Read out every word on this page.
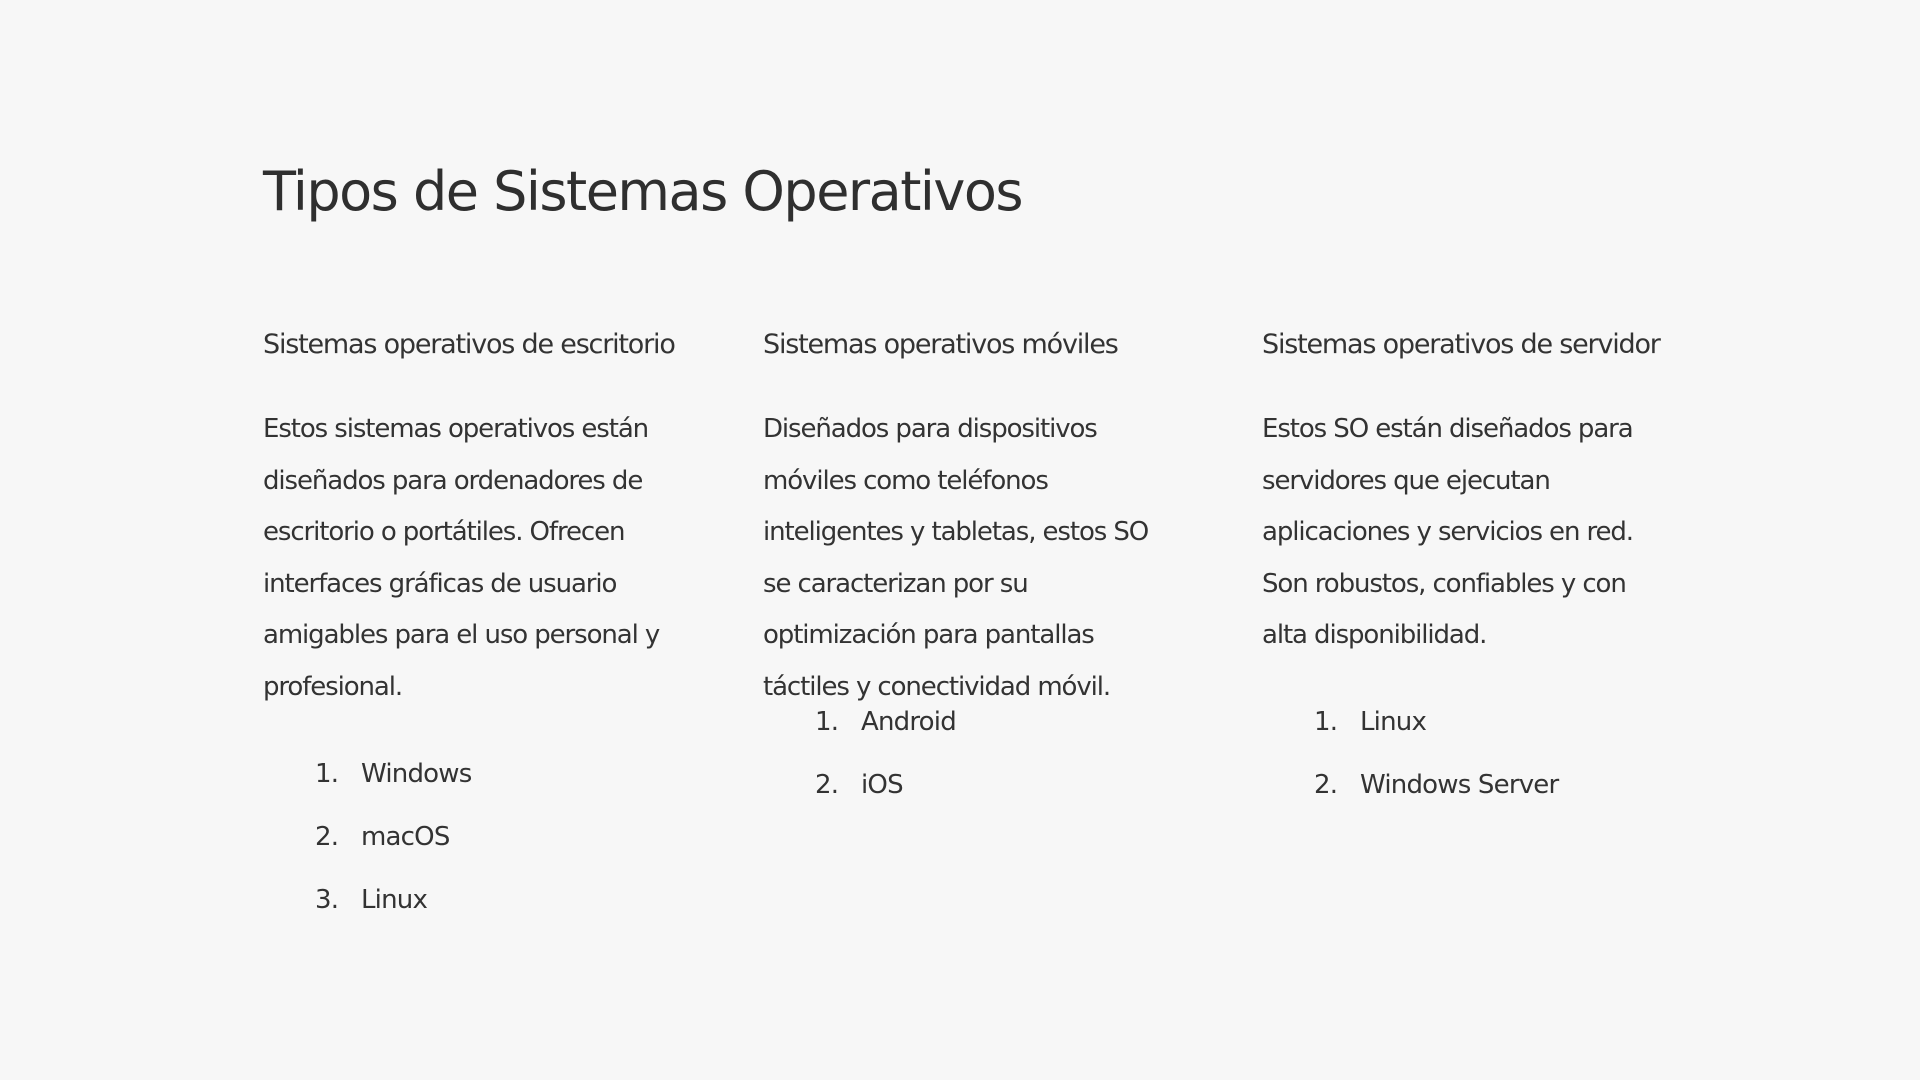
Tipos de Sistemas Operativos
Sistemas operativos de escritorio

Estos sistemas operativos están diseñados para ordenadores de escritorio o portátiles. Ofrecen interfaces gráficas de usuario amigables para el uso personal y profesional.

1. Windows
2. macOS
3. Linux
Sistemas operativos móviles

Diseñados para dispositivos móviles como teléfonos inteligentes y tabletas, estos SO se caracterizan por su optimización para pantallas táctiles y conectividad móvil.

1. Android
2. iOS
Sistemas operativos de servidor

Estos SO están diseñados para servidores que ejecutan aplicaciones y servicios en red. Son robustos, confiables y con alta disponibilidad.

1. Linux
2. Windows Server
